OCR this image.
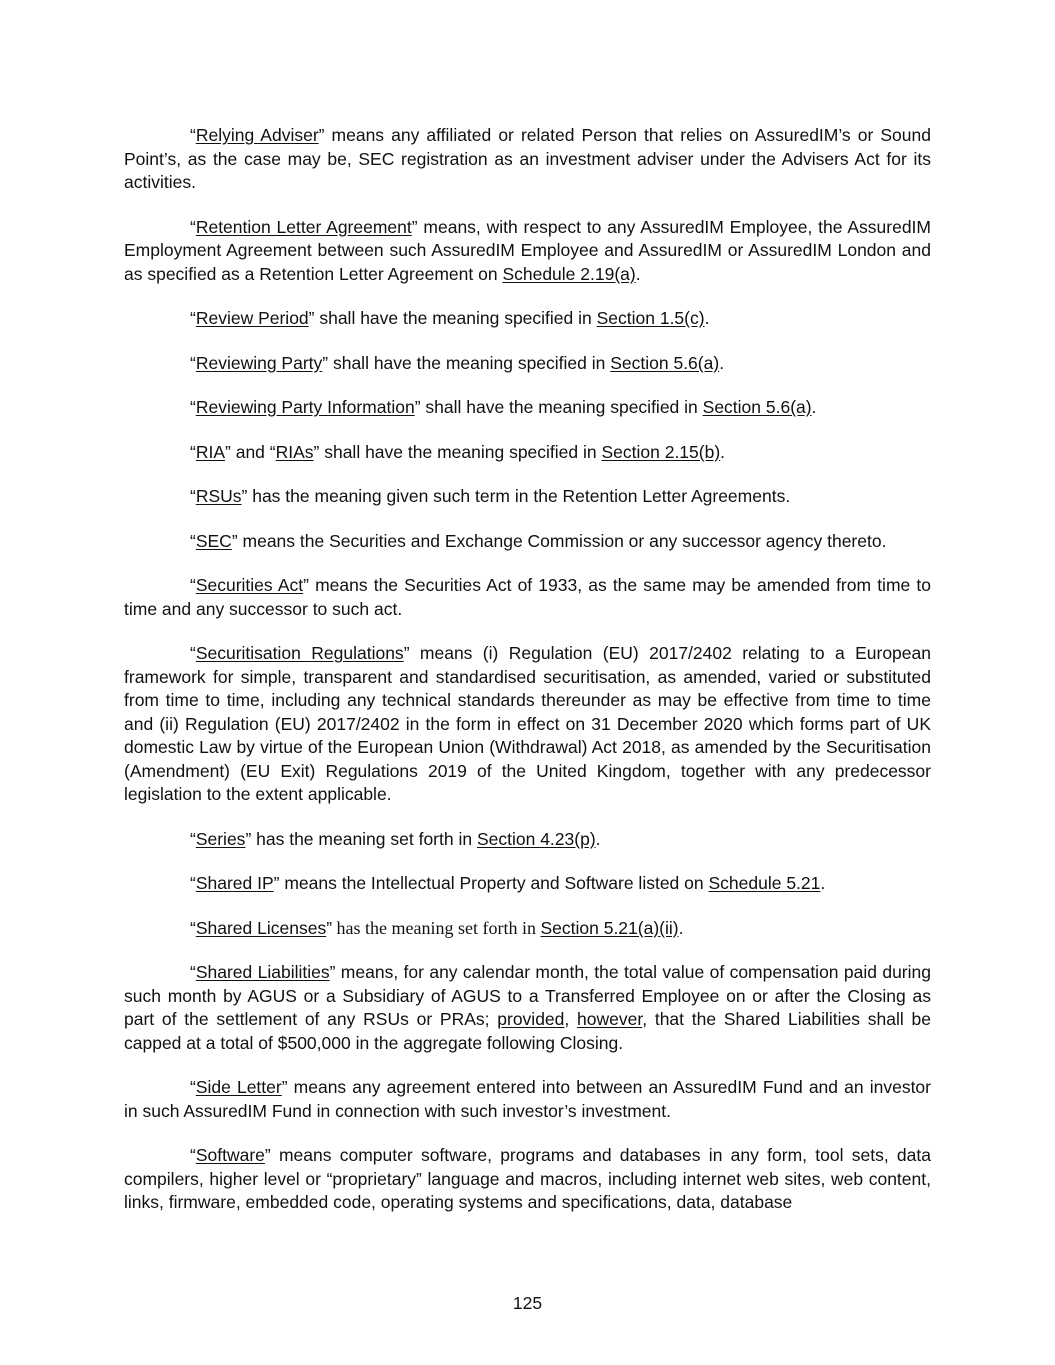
“Relying Adviser” means any affiliated or related Person that relies on AssuredIM’s or Sound Point’s, as the case may be, SEC registration as an investment adviser under the Advisers Act for its activities.

“Retention Letter Agreement” means, with respect to any AssuredIM Employee, the AssuredIM Employment Agreement between such AssuredIM Employee and AssuredIM or AssuredIM London and as specified as a Retention Letter Agreement on Schedule 2.19(a).

“Review Period” shall have the meaning specified in Section 1.5(c).

“Reviewing Party” shall have the meaning specified in Section 5.6(a).

“Reviewing Party Information” shall have the meaning specified in Section 5.6(a).

“RIA” and “RIAs” shall have the meaning specified in Section 2.15(b).

“RSUs” has the meaning given such term in the Retention Letter Agreements.

“SEC” means the Securities and Exchange Commission or any successor agency thereto.

“Securities Act” means the Securities Act of 1933, as the same may be amended from time to time and any successor to such act.

“Securitisation Regulations” means (i) Regulation (EU) 2017/2402 relating to a European framework for simple, transparent and standardised securitisation, as amended, varied or substituted from time to time, including any technical standards thereunder as may be effective from time to time and (ii) Regulation (EU) 2017/2402 in the form in effect on 31 December 2020 which forms part of UK domestic Law by virtue of the European Union (Withdrawal) Act 2018, as amended by the Securitisation (Amendment) (EU Exit) Regulations 2019 of the United Kingdom, together with any predecessor legislation to the extent applicable.

“Series” has the meaning set forth in Section 4.23(p).

“Shared IP” means the Intellectual Property and Software listed on Schedule 5.21.

“Shared Licenses” has the meaning set forth in Section 5.21(a)(ii).

“Shared Liabilities” means, for any calendar month, the total value of compensation paid during such month by AGUS or a Subsidiary of AGUS to a Transferred Employee on or after the Closing as part of the settlement of any RSUs or PRAs; provided, however, that the Shared Liabilities shall be capped at a total of $500,000 in the aggregate following Closing.

“Side Letter” means any agreement entered into between an AssuredIM Fund and an investor in such AssuredIM Fund in connection with such investor’s investment.

“Software” means computer software, programs and databases in any form, tool sets, data compilers, higher level or “proprietary” language and macros, including internet web sites, web content, links, firmware, embedded code, operating systems and specifications, data, database

125
